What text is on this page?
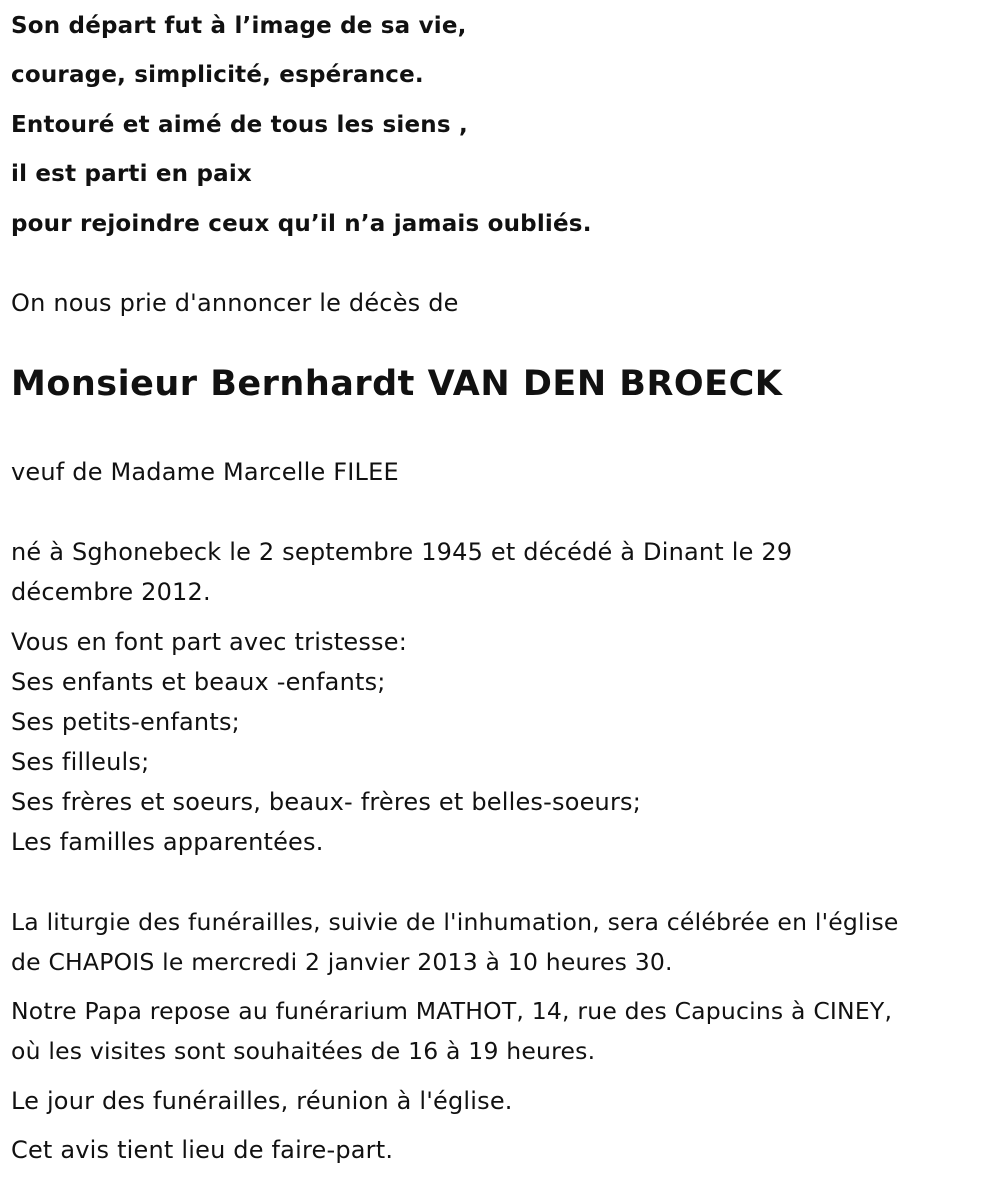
Son départ fut à l’image de sa vie,
courage, simplicité, espérance.
Entouré et aimé de tous les siens ,
il est parti en paix
pour rejoindre ceux qu’il n’a jamais oubliés.
On nous prie d'annoncer le décès de
Monsieur Bernhardt VAN DEN BROECK
veuf de Madame Marcelle FILEE
né à Sghonebeck le 2 septembre 1945 et décédé à Dinant le 29
décembre 2012.
Vous en font part avec tristesse:
Ses enfants et beaux -enfants;
Ses petits-enfants;
Ses filleuls;
Ses frères et soeurs, beaux- frères et belles-soeurs;
Les familles apparentées.
La liturgie des funérailles, suivie de l'inhumation, sera célébrée en l'église
de CHAPOIS le mercredi 2 janvier 2013 à 10 heures 30.
Notre Papa repose au funérarium MATHOT, 14, rue des Capucins à CINEY,
où les visites sont souhaitées de 16 à 19 heures.
Le jour des funérailles, réunion à l'église.
Cet avis tient lieu de faire-part.
